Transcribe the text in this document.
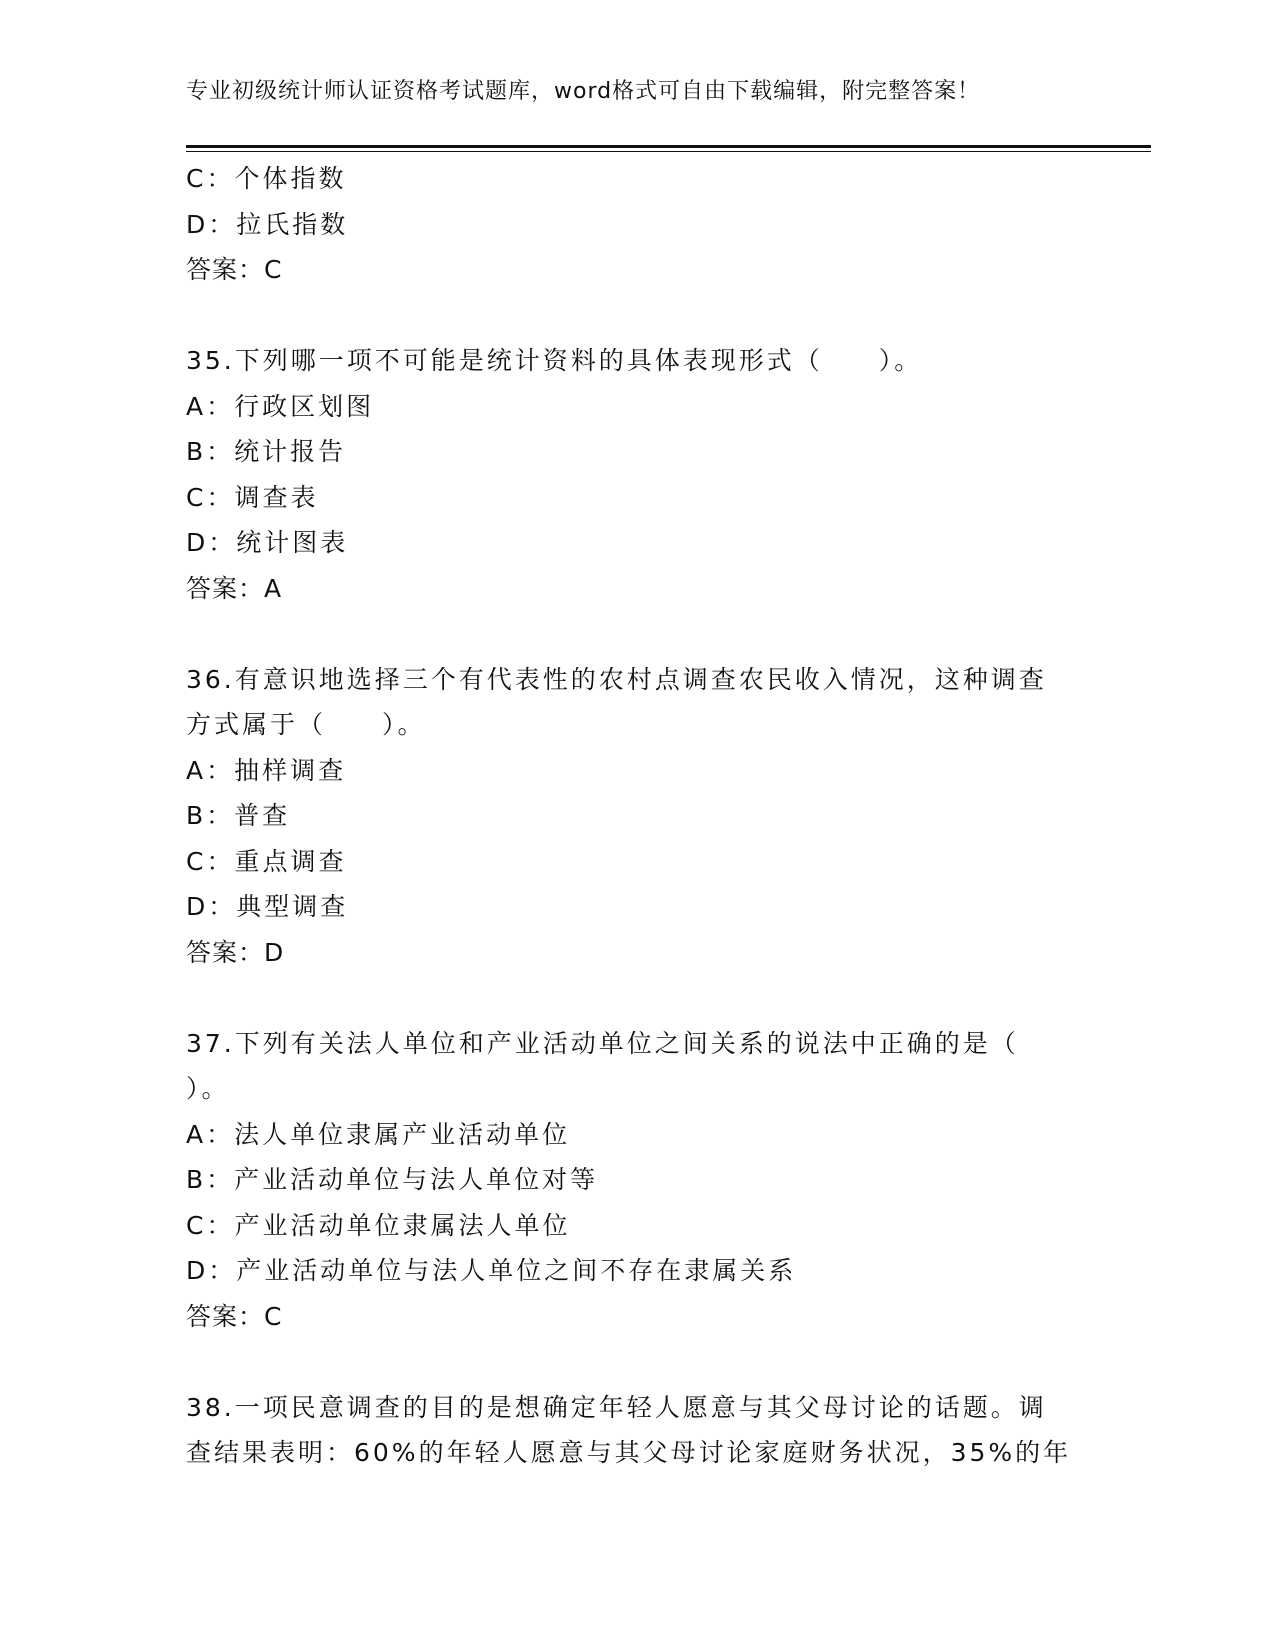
专业初级统计师认证资格考试题库，word格式可自由下载编辑，附完整答案！
C：个体指数
D：拉氏指数
答案：C
35.下列哪一项不可能是统计资料的具体表现形式（　　）。
A：行政区划图
B：统计报告
C：调查表
D：统计图表
答案：A
36.有意识地选择三个有代表性的农村点调查农民收入情况，这种调查
方式属于（　　）。
A：抽样调查
B：普查
C：重点调查
D：典型调查
答案：D
37.下列有关法人单位和产业活动单位之间关系的说法中正确的是（
）。
A：法人单位隶属产业活动单位
B：产业活动单位与法人单位对等
C：产业活动单位隶属法人单位
D：产业活动单位与法人单位之间不存在隶属关系
答案：C
38.一项民意调查的目的是想确定年轻人愿意与其父母讨论的话题。调
查结果表明：60%的年轻人愿意与其父母讨论家庭财务状况，35%的年
